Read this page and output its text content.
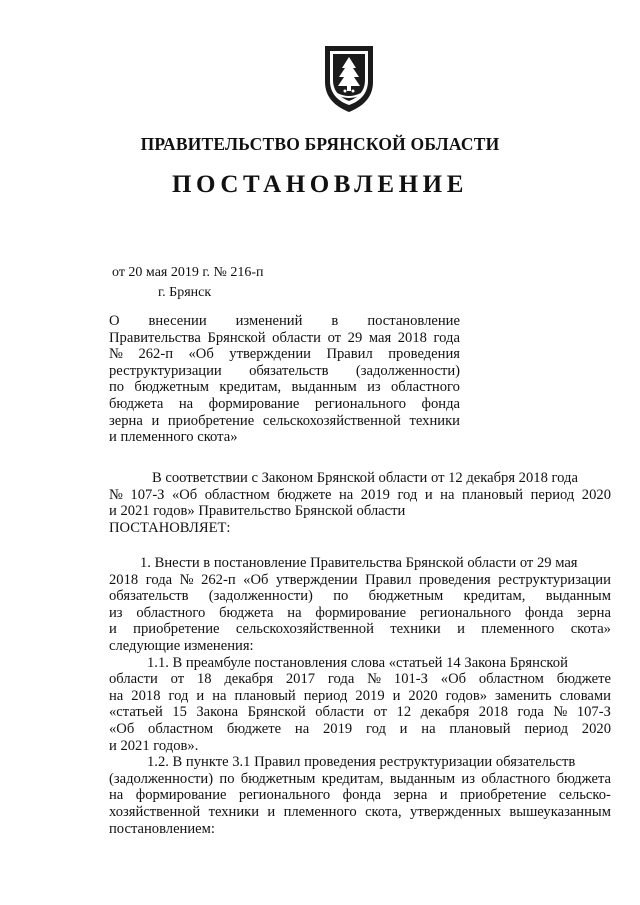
ПРАВИТЕЛЬСТВО БРЯНСКОЙ ОБЛАСТИ
ПОСТАНОВЛЕНИЕ
от 20 мая 2019 г. № 216-п
г. Брянск
О внесении изменений в постановление
Правительства Брянской области от 29 мая 2018 года
№ 262-п «Об утверждении Правил проведения
реструктуризации обязательств (задолженности)
по бюджетным кредитам, выданным из областного
бюджета на формирование регионального фонда
зерна и приобретение сельскохозяйственной техники
и племенного скота»
В соответствии с Законом Брянской области от 12 декабря 2018 года
№ 107-З «Об областном бюджете на 2019 год и на плановый период 2020
и 2021 годов» Правительство Брянской области
ПОСТАНОВЛЯЕТ:
1. Внести в постановление Правительства Брянской области от 29 мая
2018 года № 262-п «Об утверждении Правил проведения реструктуризации
обязательств (задолженности) по бюджетным кредитам, выданным
из областного бюджета на формирование регионального фонда зерна
и приобретение сельскохозяйственной техники и племенного скота»
следующие изменения:
1.1. В преамбуле постановления слова «статьей 14 Закона Брянской
области от 18 декабря 2017 года № 101-З «Об областном бюджете
на 2018 год и на плановый период 2019 и 2020 годов» заменить словами
«статьей 15 Закона Брянской области от 12 декабря 2018 года № 107-З
«Об областном бюджете на 2019 год и на плановый период 2020
и 2021 годов».
1.2. В пункте 3.1 Правил проведения реструктуризации обязательств
(задолженности) по бюджетным кредитам, выданным из областного бюджета
на формирование регионального фонда зерна и приобретение сельско-
хозяйственной техники и племенного скота, утвержденных вышеуказанным
постановлением:
